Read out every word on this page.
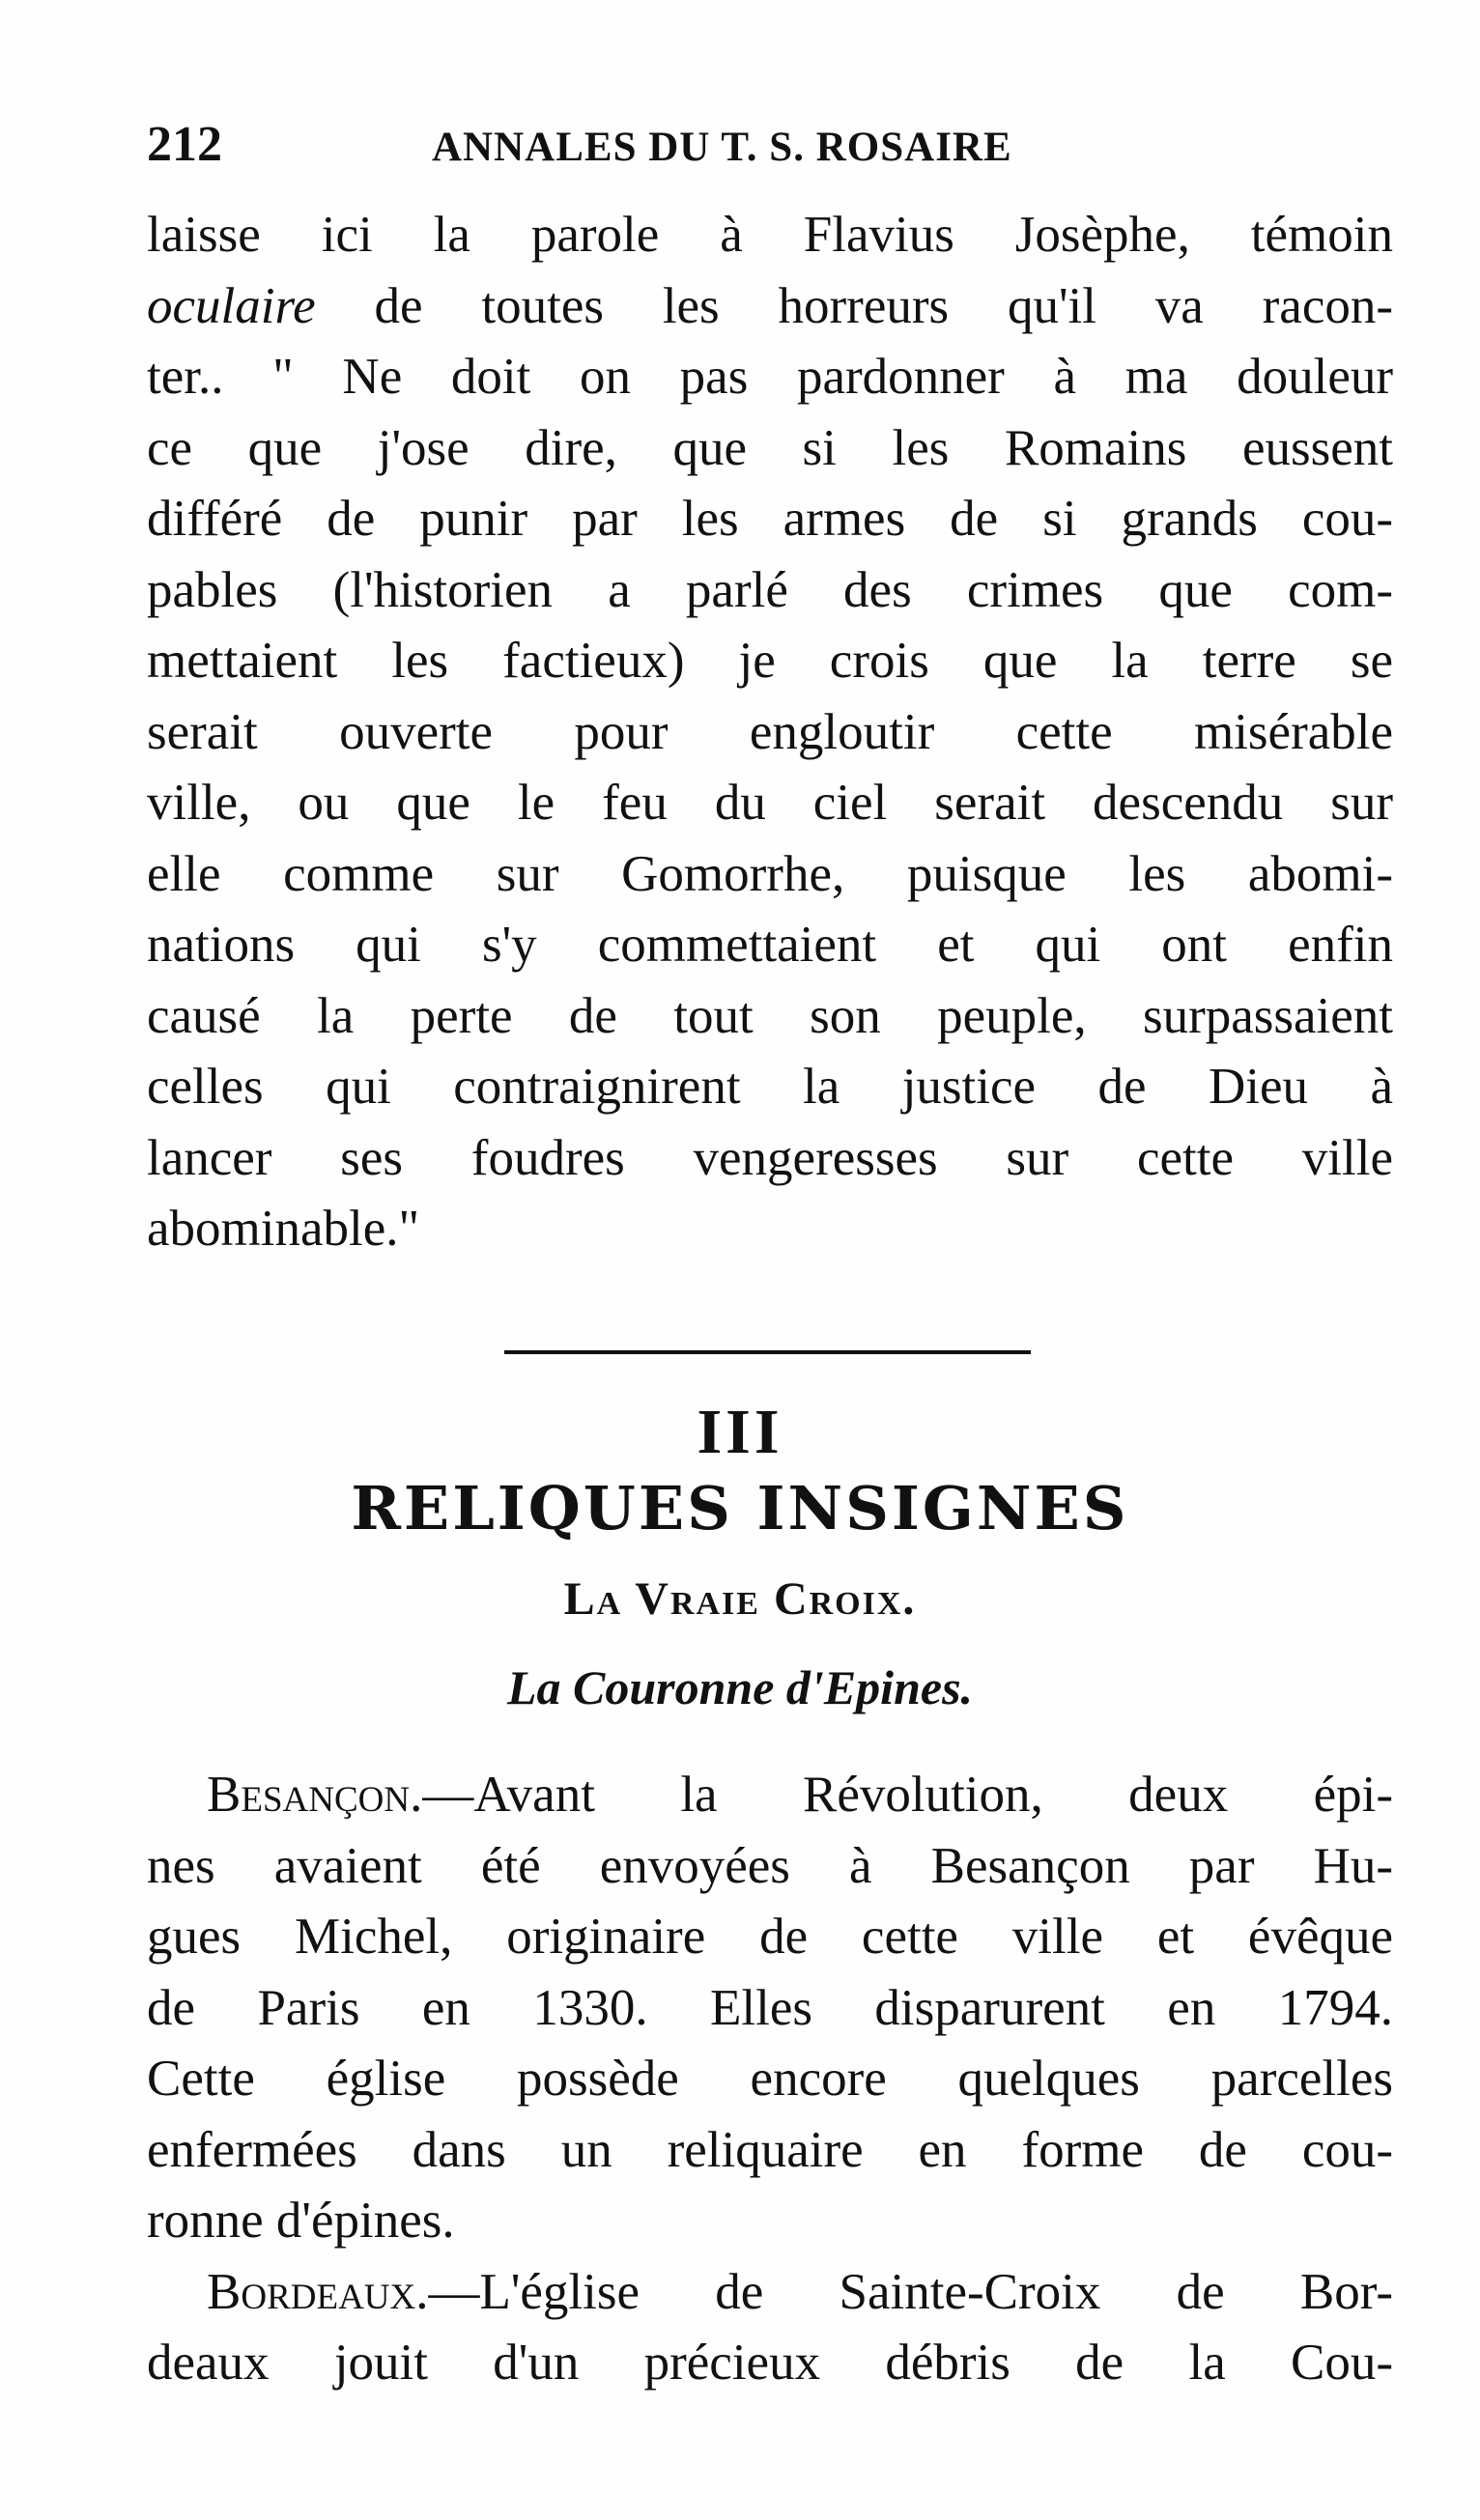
212	ANNALES DU T. S. ROSAIRE
laisse ici la parole à Flavius Josèphe, témoin
oculaire de toutes les horreurs qu'il va racon-
ter.. " Ne doit on pas pardonner à ma douleur
ce que j'ose dire, que si les Romains eussent
différé de punir par les armes de si grands cou-
pables (l'historien a parlé des crimes que com-
mettaient les factieux) je crois que la terre se
serait ouverte pour engloutir cette misérable
ville, ou que le feu du ciel serait descendu sur
elle comme sur Gomorrhe, puisque les abomi-
nations qui s'y commettaient et qui ont enfin
causé la perte de tout son peuple, surpassaient
celles qui contraignirent la justice de Dieu à
lancer ses foudres vengeresses sur cette ville
abominable."
III
RELIQUES INSIGNES
La Vraie Croix.
La Couronne d'Epines.
Besançon.—Avant la Révolution, deux épi-
nes avaient été envoyées à Besançon par Hu-
gues Michel, originaire de cette ville et évêque
de Paris en 1330. Elles disparurent en 1794.
Cette église possède encore quelques parcelles
enfermées dans un reliquaire en forme de cou-
ronne d'épines.
Bordeaux.—L'église de Sainte-Croix de Bor-
deaux jouit d'un précieux débris de la Cou-
